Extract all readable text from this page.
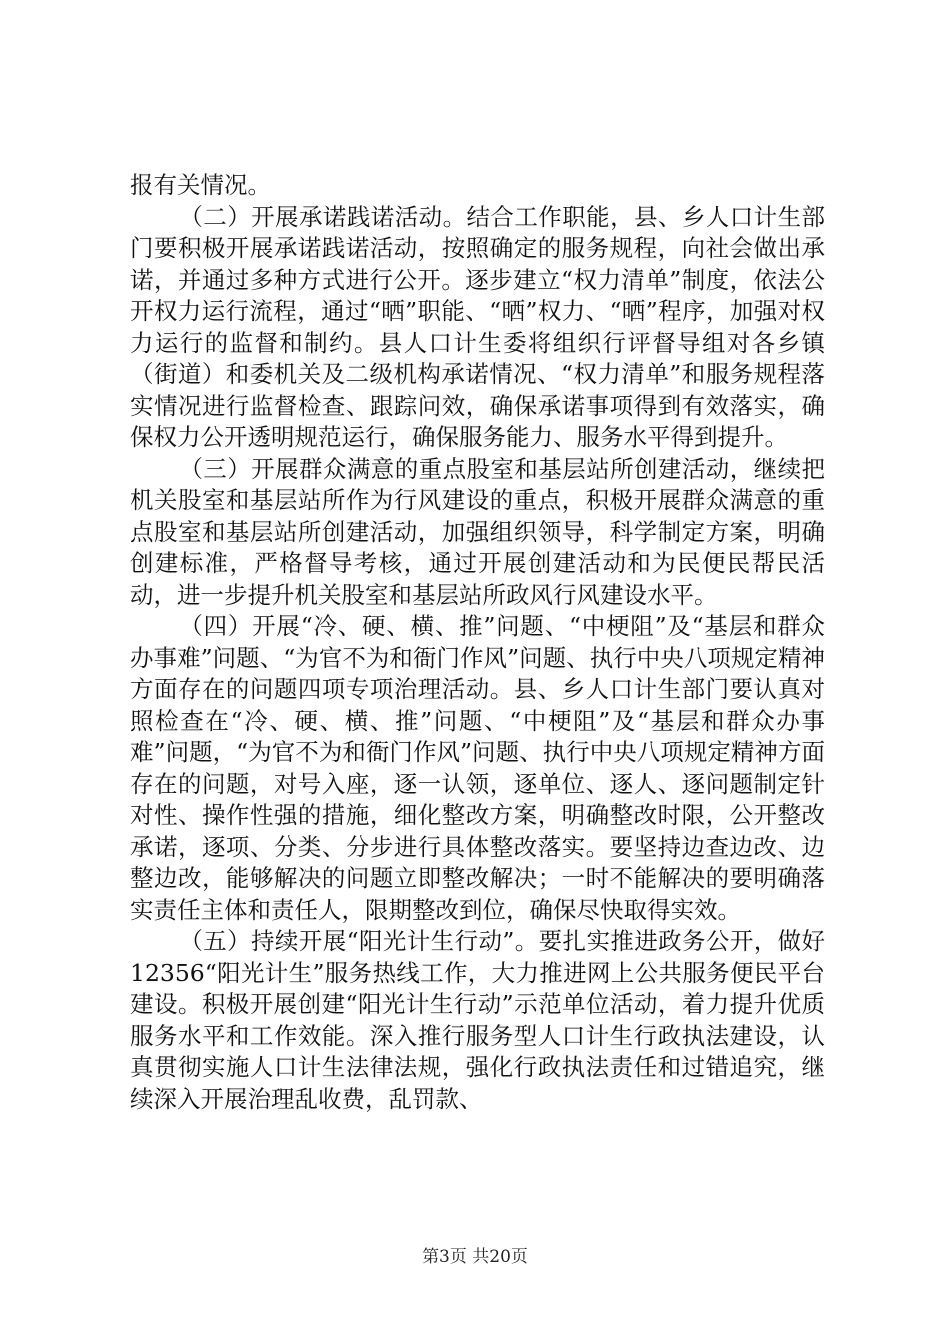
报有关情况。

（二）开展承诺践诺活动。结合工作职能，县、乡人口计生部门要积极开展承诺践诺活动，按照确定的服务规程，向社会做出承诺，并通过多种方式进行公开。逐步建立“权力清单”制度，依法公开权力运行流程，通过“晒”职能、“晒”权力、“晒”程序，加强对权力运行的监督和制约。县人口计生委将组织行评督导组对各乡镇（街道）和委机关及二级机构承诺情况、“权力清单”和服务规程落实情况进行监督检查、跟踪问效，确保承诺事项得到有效落实，确保权力公开透明规范运行，确保服务能力、服务水平得到提升。

（三）开展群众满意的重点股室和基层站所创建活动，继续把机关股室和基层站所作为行风建设的重点，积极开展群众满意的重点股室和基层站所创建活动，加强组织领导，科学制定方案，明确创建标准，严格督导考核，通过开展创建活动和为民便民帮民活动，进一步提升机关股室和基层站所政风行风建设水平。

（四）开展“冷、硬、横、推”问题、“中梗阻”及“基层和群众办事难”问题、“为官不为和衙门作风”问题、执行中央八项规定精神方面存在的问题四项专项治理活动。县、乡人口计生部门要认真对照检查在“冷、硬、横、推”问题、“中梗阻”及“基层和群众办事难”问题，“为官不为和衙门作风”问题、执行中央八项规定精神方面存在的问题，对号入座，逐一认领，逐单位、逐人、逐问题制定针对性、操作性强的措施，细化整改方案，明确整改时限，公开整改承诺，逐项、分类、分步进行具体整改落实。要坚持边查边改、边整边改，能够解决的问题立即整改解决；一时不能解决的要明确落实责任主体和责任人，限期整改到位，确保尽快取得实效。

（五）持续开展“阳光计生行动”。要扎实推进政务公开，做好12356“阳光计生”服务热线工作，大力推进网上公共服务便民平台建设。积极开展创建“阳光计生行动”示范单位活动，着力提升优质服务水平和工作效能。深入推行服务型人口计生行政执法建设，认真贯彻实施人口计生法律法规，强化行政执法责任和过错追究，继续深入开展治理乱收费，乱罚款、

第3页 共20页
